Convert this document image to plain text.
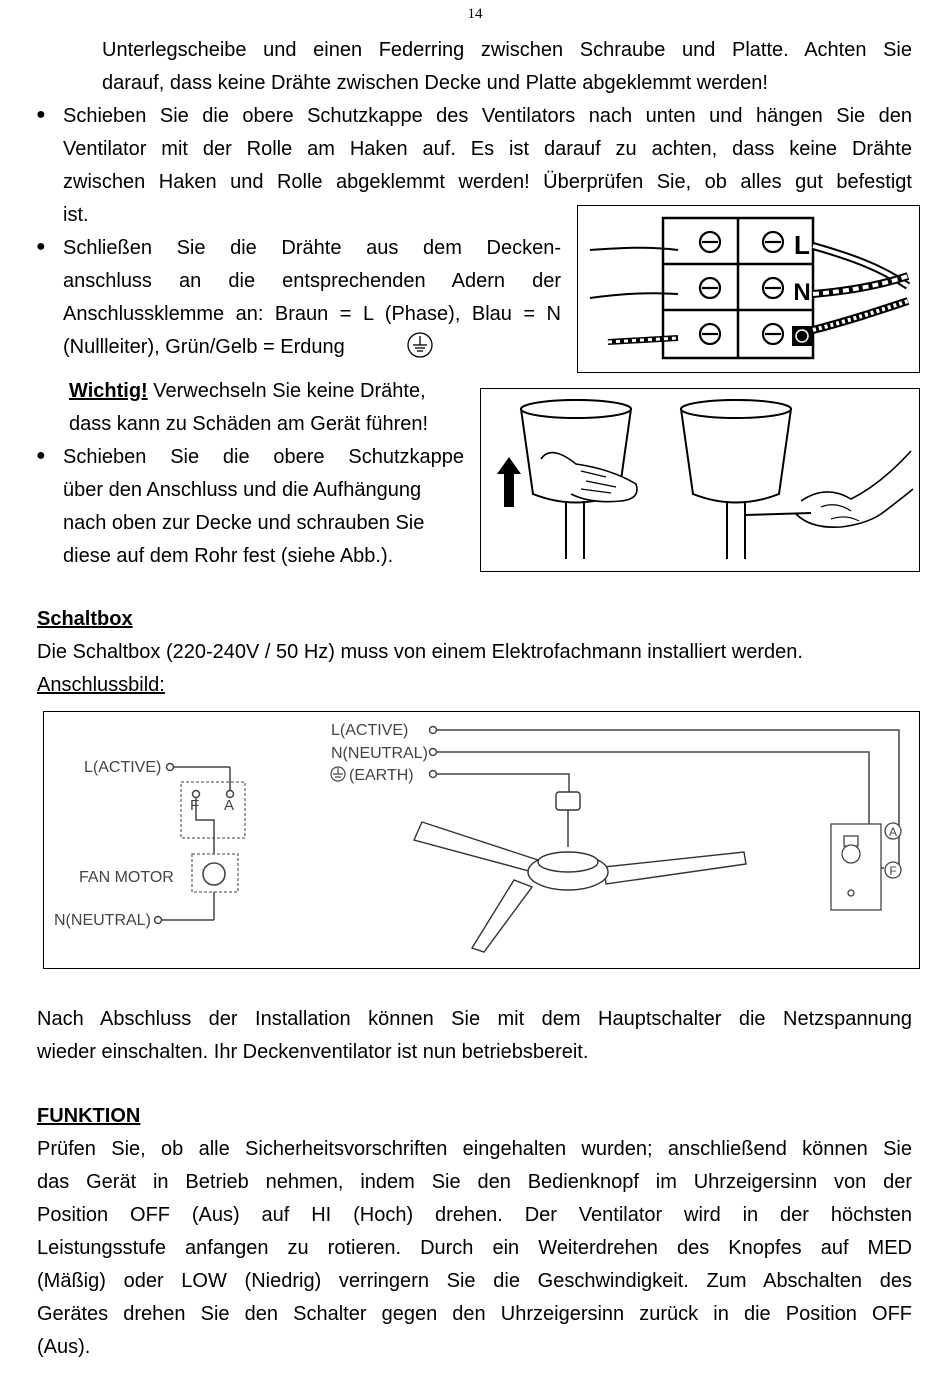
14
Unterlegscheibe und einen Federring zwischen Schraube und Platte. Achten Sie
darauf, dass keine Drähte zwischen Decke und Platte abgeklemmt werden!
● Schieben Sie die obere Schutzkappe des Ventilators nach unten und hängen Sie den
Ventilator mit der Rolle am Haken auf. Es ist darauf zu achten, dass keine Drähte
zwischen Haken und Rolle abgeklemmt werden! Überprüfen Sie, ob alles gut befestigt
ist.
● Schließen Sie die Drähte aus dem Decken-
anschluss an die entsprechenden Adern der
Anschlussklemme an: Braun = L (Phase), Blau = N
(Nullleiter), Grün/Gelb = Erdung
L
N
Wichtig! Verwechseln Sie keine Drähte,
dass kann zu Schäden am Gerät führen!
● Schieben Sie die obere Schutzkappe
über den Anschluss und die Aufhängung
nach oben zur Decke und schrauben Sie
diese auf dem Rohr fest (siehe Abb.).
Schaltbox
Die Schaltbox (220-240V / 50 Hz) muss von einem Elektrofachmann installiert werden.
Anschlussbild:
L(ACTIVE)
F A
FAN MOTOR
N(NEUTRAL)
L(ACTIVE)
N(NEUTRAL)
(EARTH)
A
F
Nach Abschluss der Installation können Sie mit dem Hauptschalter die Netzspannung
wieder einschalten. Ihr Deckenventilator ist nun betriebsbereit.
FUNKTION
Prüfen Sie, ob alle Sicherheitsvorschriften eingehalten wurden; anschließend können Sie
das Gerät in Betrieb nehmen, indem Sie den Bedienknopf im Uhrzeigersinn von der
Position OFF (Aus) auf HI (Hoch) drehen. Der Ventilator wird in der höchsten
Leistungsstufe anfangen zu rotieren. Durch ein Weiterdrehen des Knopfes auf MED
(Mäßig) oder LOW (Niedrig) verringern Sie die Geschwindigkeit. Zum Abschalten des
Gerätes drehen Sie den Schalter gegen den Uhrzeigersinn zurück in die Position OFF
(Aus).
